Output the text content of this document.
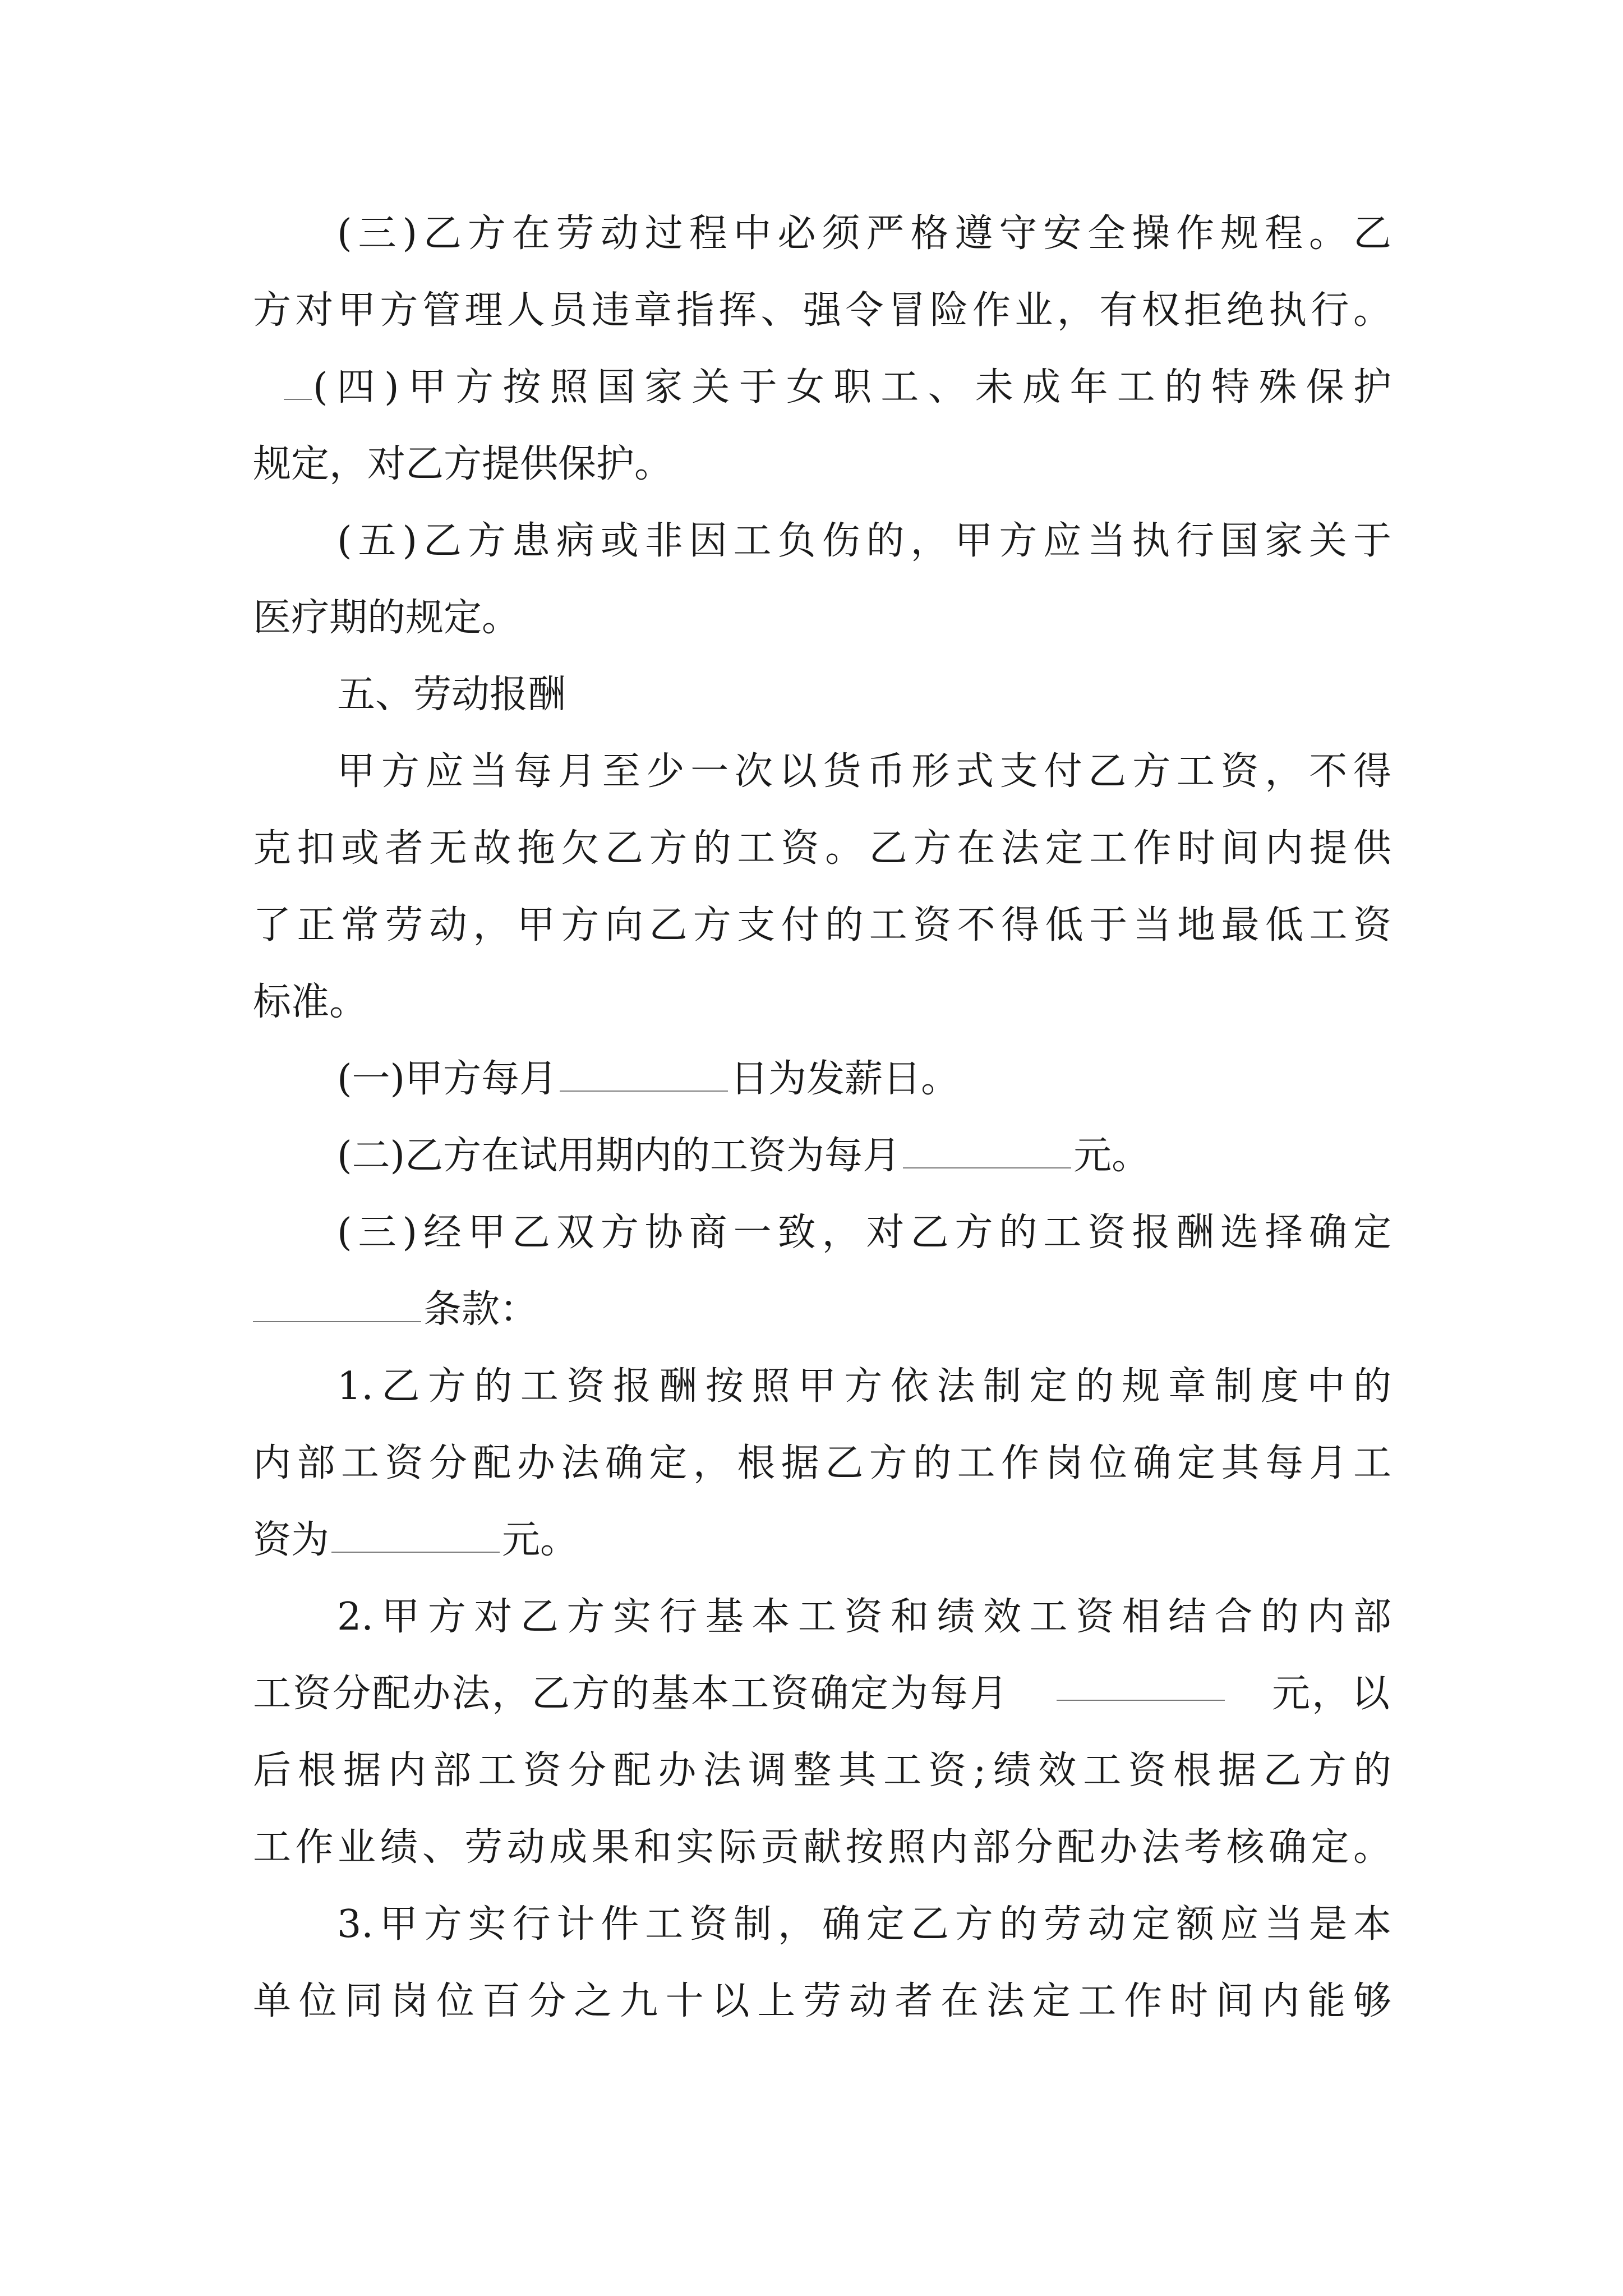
(三)乙方在劳动过程中必须严格遵守安全操作规程。乙
方对甲方管理人员违章指挥、强令冒险作业，有权拒绝执行。
(四)甲方按照国家关于女职工、未成年工的特殊保护
规定，对乙方提供保护。
(五)乙方患病或非因工负伤的，甲方应当执行国家关于
医疗期的规定。
五、劳动报酬
甲方应当每月至少一次以货币形式支付乙方工资，不得
克扣或者无故拖欠乙方的工资。乙方在法定工作时间内提供
了正常劳动，甲方向乙方支付的工资不得低于当地最低工资
标准。
(一)甲方每月	日为发薪日。
(二)乙方在试用期内的工资为每月	元。
(三)经甲乙双方协商一致，对乙方的工资报酬选择确定
条款：
1.乙方的工资报酬按照甲方依法制定的规章制度中的
内部工资分配办法确定，根据乙方的工作岗位确定其每月工
资为	元。
2.甲方对乙方实行基本工资和绩效工资相结合的内部
工资分配办法，乙方的基本工资确定为每月	元，以
后根据内部工资分配办法调整其工资;绩效工资根据乙方的
工作业绩、劳动成果和实际贡献按照内部分配办法考核确定。
3.甲方实行计件工资制，确定乙方的劳动定额应当是本
单位同岗位百分之九十以上劳动者在法定工作时间内能够
